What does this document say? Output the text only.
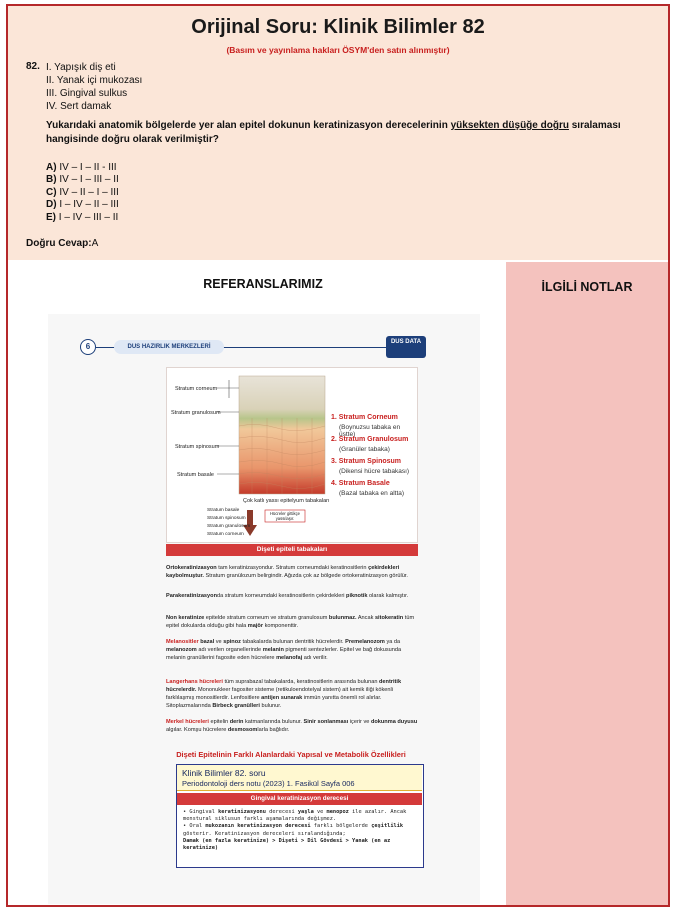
Orijinal Soru: Klinik Bilimler 82
(Basım ve yayınlama hakları ÖSYM'den satın alınmıştır)
82. I. Yapışık diş eti
II. Yanak içi mukozası
III. Gingival sulkus
IV. Sert damak
Yukarıdaki anatomik bölgelerde yer alan epitel dokunun keratinizasyon derecelerinin yüksekten düşüğe doğru sıralaması hangisinde doğru olarak verilmiştir?
A) IV – I – II - III
B) IV – I – III – II
C) IV – II – I – III
D) I – IV – II – III
E) I – IV – III – II
Doğru Cevap:A
REFERANSLARIMIZ
6	DUS HAZIRLIK MERKEZLERİ
DUS DATA
Stratum corneum
Stratum granulosum
Stratum spinosum
Stratum basale
1. Stratum Corneum
(Boynuzsu tabaka en üstte)
2. Stratum Granulosum
(Granüler tabaka)
3. Stratum Spinosum
(Dikensi hücre tabakası)
4. Stratum Basale
(Bazal tabaka en altta)
Çok katlı yassı epitelyum tabakaları
Stratum basale
Stratum spinosum
Stratum granulosum
Stratum corneum
Hücreler gittikçe yassılaşır.
Dişeti epiteli tabakaları
Ortokeratinizasyon tam keratinizasyondur. Stratum corneumdaki keratinositlerin çekirdekleri kaybolmuştur. Stratum granülozum belirgindir. Ağızda çok az bölgede ortokeratinizasyon görülür.
Parakeratinizasyonda stratum korneumdaki keratinositlerin çekirdekleri piknotik olarak kalmıştır.
Non keratinize epitelde stratum corneum ve stratum granulosum bulunmaz. Ancak sitokeratin tüm epitel dokularda olduğu gibi hala majör komponenttir.
Melanositler bazal ve spinoz tabakalarda bulunan dentritik hücrelerdir. Premelanozom ya da melanozom adı verilen organellerinde melanin pigmenti sentezlerler. Epitel ve bağ dokusunda melanin granüllerini fagosite eden hücrelere melanofaj adı verilir.
Langerhans hücreleri tüm suprabazal tabakalarda, keratinositlerin arasında bulunan dentritik hücrelerdir. Mononukleer fagositer sisteme (retikuloendotelyal sistem) ait kemik iliği kökenli farklılaşmış monositlerdir. Lenfositlere antijen sunarak immün yanıtta önemli rol alırlar. Sitoplazmalarında Birbeck granülleri bulunur.
Merkel hücreleri epitelin derin katmanlarında bulunur. Sinir sonlanması içerir ve dokunma duyusu algılar. Komşu hücrelere desmosomlarla bağlıdır.
Dişeti Epitelinin Farklı Alanlardaki Yapısal ve Metabolik Özellikleri
Klinik Bilimler 82. soru
Periodontoloji ders notu (2023) 1. Fasikül Sayfa 006
Gingival keratinizasyon derecesi
• Gingival keratinizasyonu derecesi yaşla ve menopoz ile azalır. Ancak menstural siklusun farklı aşamalarında değişmez.
• Oral mukozanın keratinizasyon derecesi farklı bölgelerde çeşitlilik gösterir. Keratinizasyon dereceleri sıralandığında;
Damak (en fazla keratinize) > Dişeti > Dil Gövdesi > Yanak (en az keratinize)
İLGİLİ NOTLAR
